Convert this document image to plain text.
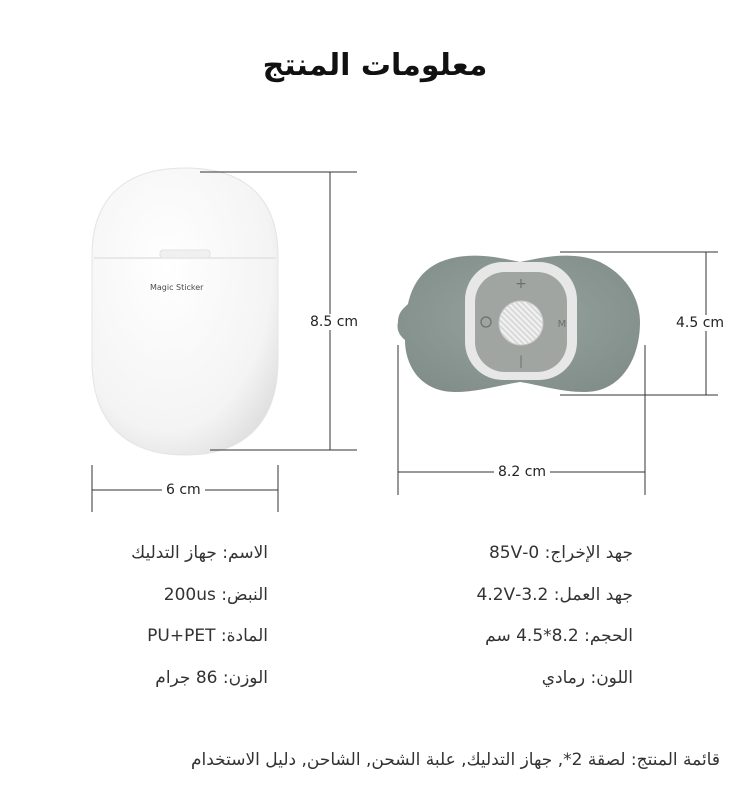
معلومات المنتج
+
|
M
Magic Sticker
8.5 cm
6 cm
4.5 cm
8.2 cm
الاسم: جهاز التدليك
النبض: 200us
المادة: PU+PET
الوزن: 86 جرام
جهد الإخراج: 0-85V
جهد العمل: 3.2-4.2V
الحجم: 8.2*4.5 سم
اللون: رمادي
قائمة المنتج: لصقة 2*, جهاز التدليك, علبة الشحن, الشاحن, دليل الاستخدام
